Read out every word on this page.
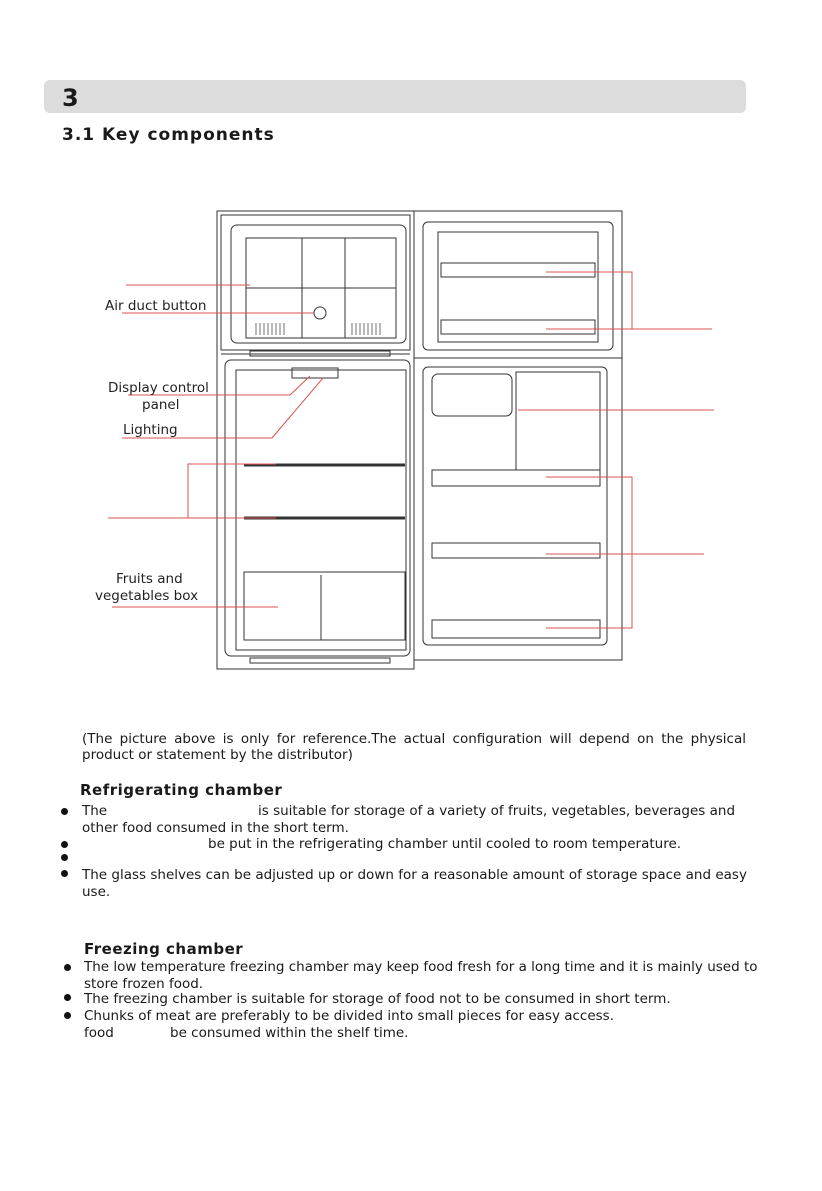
3
3.1 Key components
Air duct button
Display control
panel
Lighting
Fruits and
vegetables box
(The picture above is only for reference.The actual configuration will depend on the physical product or statement by the distributor)
Refrigerating chamber
The	is suitable for storage of a variety of fruits, vegetables, beverages and
other food consumed in the short term.
be put in the refrigerating chamber until cooled to room temperature.
The glass shelves can be adjusted up or down for a reasonable amount of storage space and easy
use.
Freezing chamber
The low temperature freezing chamber may keep food fresh for a long time and it is mainly used to
store frozen food.
The freezing chamber is suitable for storage of food not to be consumed in short term.
Chunks of meat are preferably to be divided into small pieces for easy access.
food	be consumed within the shelf time.
